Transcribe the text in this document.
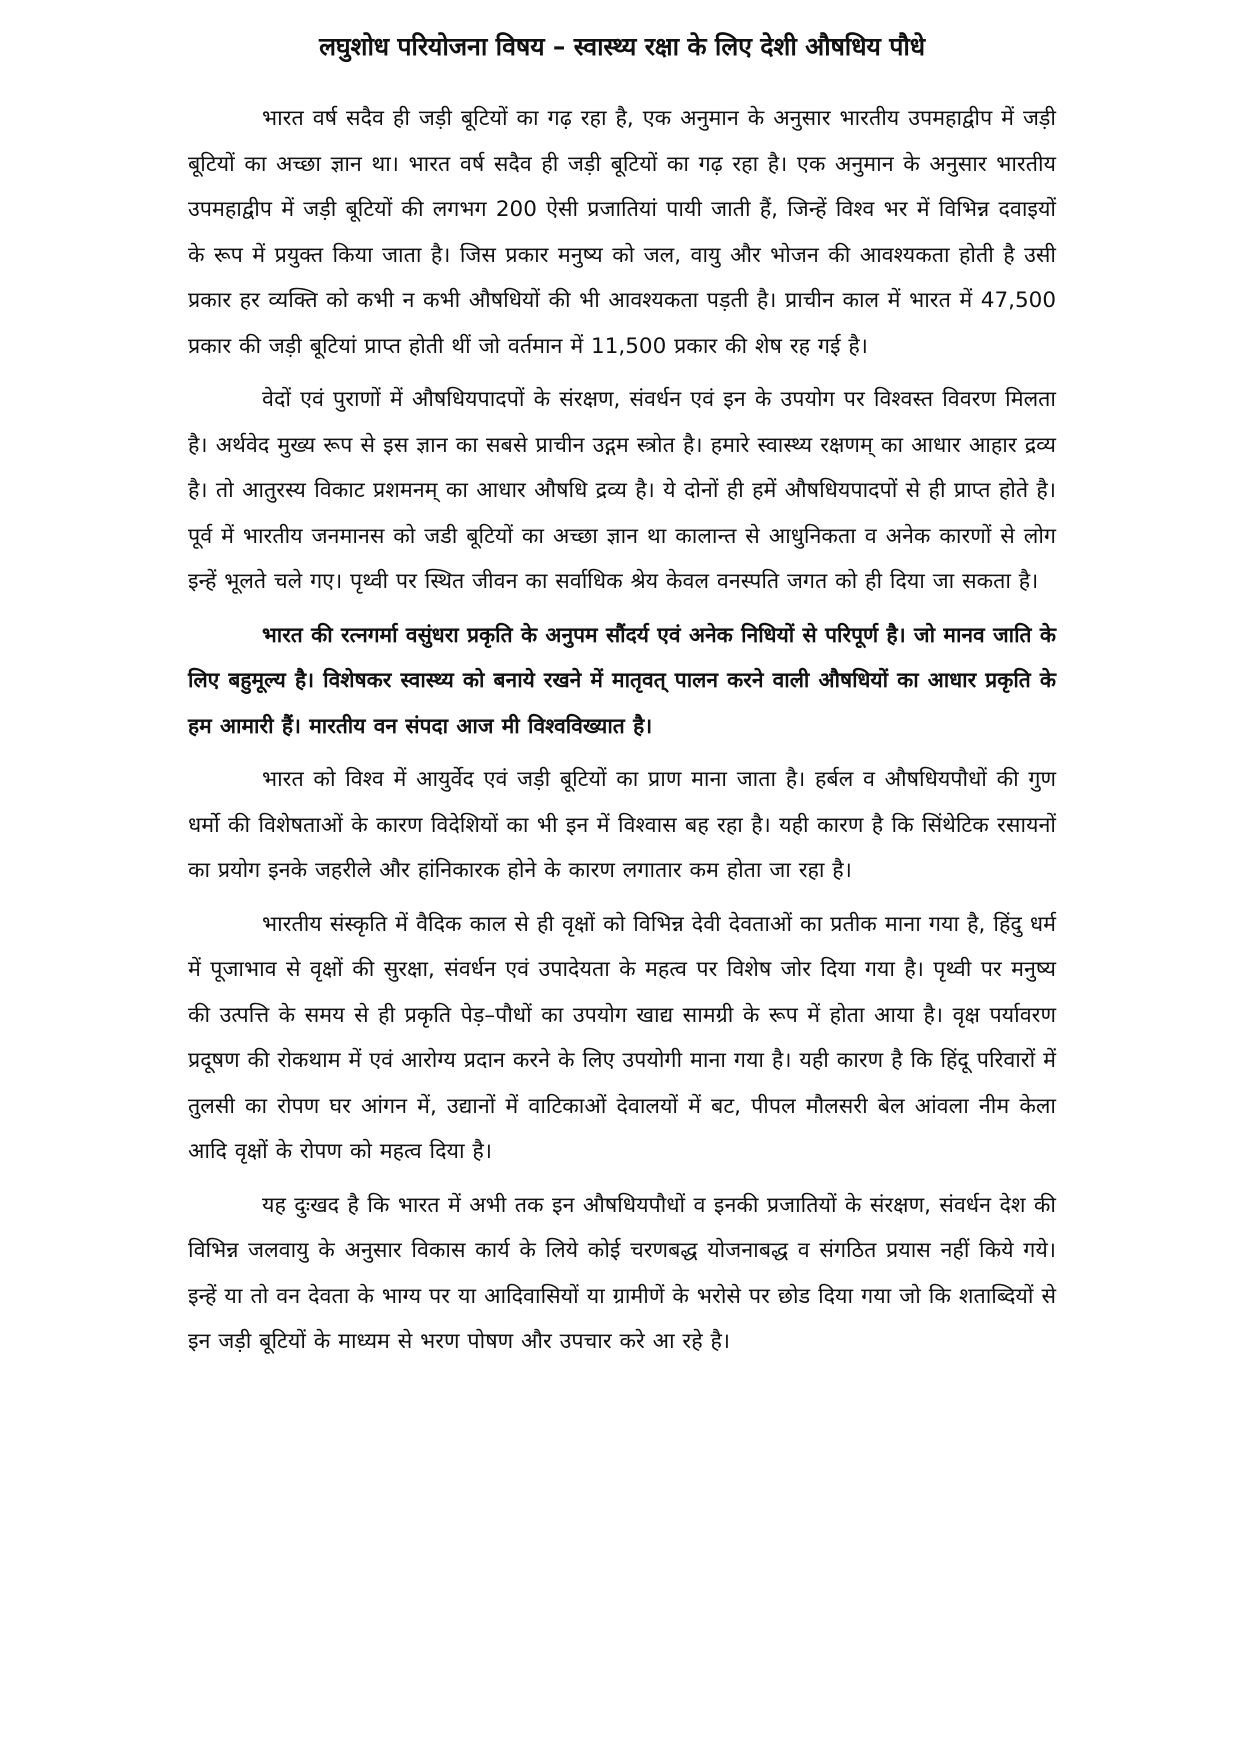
लघुशोध परियोजना विषय – स्वास्थ्य रक्षा के लिए देशी औषधिय पौधे

भारत वर्ष सदैव ही जड़ी बूटियों का गढ़ रहा है, एक अनुमान के अनुसार भारतीय उपमहाद्वीप में जड़ी बूटियों का अच्छा ज्ञान था। भारत वर्ष सदैव ही जड़ी बूटियों का गढ़ रहा है। एक अनुमान के अनुसार भारतीय उपमहाद्वीप में जड़ी बूटियों की लगभग 200 ऐसी प्रजातियां पायी जाती हैं, जिन्हें विश्व भर में विभिन्न दवाइयों के रूप में प्रयुक्त किया जाता है। जिस प्रकार मनुष्य को जल, वायु और भोजन की आवश्यकता होती है उसी प्रकार हर व्यक्ति को कभी न कभी औषधियों की भी आवश्यकता पड़ती है। प्राचीन काल में भारत में 47,500 प्रकार की जड़ी बूटियां प्राप्त होती थीं जो वर्तमान में 11,500 प्रकार की शेष रह गई है।

वेदों एवं पुराणों में औषधियपादपों के संरक्षण, संवर्धन एवं इन के उपयोग पर विश्वस्त विवरण मिलता है। अर्थवेद मुख्य रूप से इस ज्ञान का सबसे प्राचीन उद्गम स्त्रोत है। हमारे स्वास्थ्य रक्षणम् का आधार आहार द्रव्य है। तो आतुरस्य विकाट प्रशमनम् का आधार औषधि द्रव्य है। ये दोनों ही हमें औषधियपादपों से ही प्राप्त होते है। पूर्व में भारतीय जनमानस को जडी बूटियों का अच्छा ज्ञान था कालान्त से आधुनिकता व अनेक कारणों से लोग इन्हें भूलते चले गए। पृथ्वी पर स्थित जीवन का सर्वाधिक श्रेय केवल वनस्पति जगत को ही दिया जा सकता है।

भारत की रत्नगर्मा वसुंधरा प्रकृति के अनुपम सौंदर्य एवं अनेक निधियों से परिपूर्ण है। जो मानव जाति के लिए बहुमूल्य है। विशेषकर स्वास्थ्य को बनाये रखने में मातृवत् पालन करने वाली औषधियों का आधार प्रकृति के हम आमारी हैं। मारतीय वन संपदा आज मी विश्वविख्यात है।

भारत को विश्व में आयुर्वेद एवं जड़ी बूटियों का प्राण माना जाता है। हर्बल व औषधियपौधों की गुण धर्मो की विशेषताओं के कारण विदेशियों का भी इन में विश्वास बह रहा है। यही कारण है कि सिंथेटिक रसायनों का प्रयोग इनके जहरीले और हांनिकारक होने के कारण लगातार कम होता जा रहा है।

भारतीय संस्कृति में वैदिक काल से ही वृक्षों को विभिन्न देवी देवताओं का प्रतीक माना गया है, हिंदु धर्म में पूजाभाव से वृक्षों की सुरक्षा, संवर्धन एवं उपादेयता के महत्व पर विशेष जोर दिया गया है। पृथ्वी पर मनुष्य की उत्पत्ति के समय से ही प्रकृति पेड़–पौधों का उपयोग खाद्य सामग्री के रूप में होता आया है। वृक्ष पर्यावरण प्रदूषण की रोकथाम में एवं आरोग्य प्रदान करने के लिए उपयोगी माना गया है। यही कारण है कि हिंदू परिवारों में तुलसी का रोपण घर आंगन में, उद्यानों में वाटिकाओं देवालयों में बट, पीपल मौलसरी बेल आंवला नीम केला आदि वृक्षों के रोपण को महत्व दिया है।

यह दुःखद है कि भारत में अभी तक इन औषधियपौधों व इनकी प्रजातियों के संरक्षण, संवर्धन देश की विभिन्न जलवायु के अनुसार विकास कार्य के लिये कोई चरणबद्ध योजनाबद्ध व संगठित प्रयास नहीं किये गये। इन्हें या तो वन देवता के भाग्य पर या आदिवासियों या ग्रामीणें के भरोसे पर छोड दिया गया जो कि शताब्दियों से इन जड़ी बूटियों के माध्यम से भरण पोषण और उपचार करे आ रहे है।
